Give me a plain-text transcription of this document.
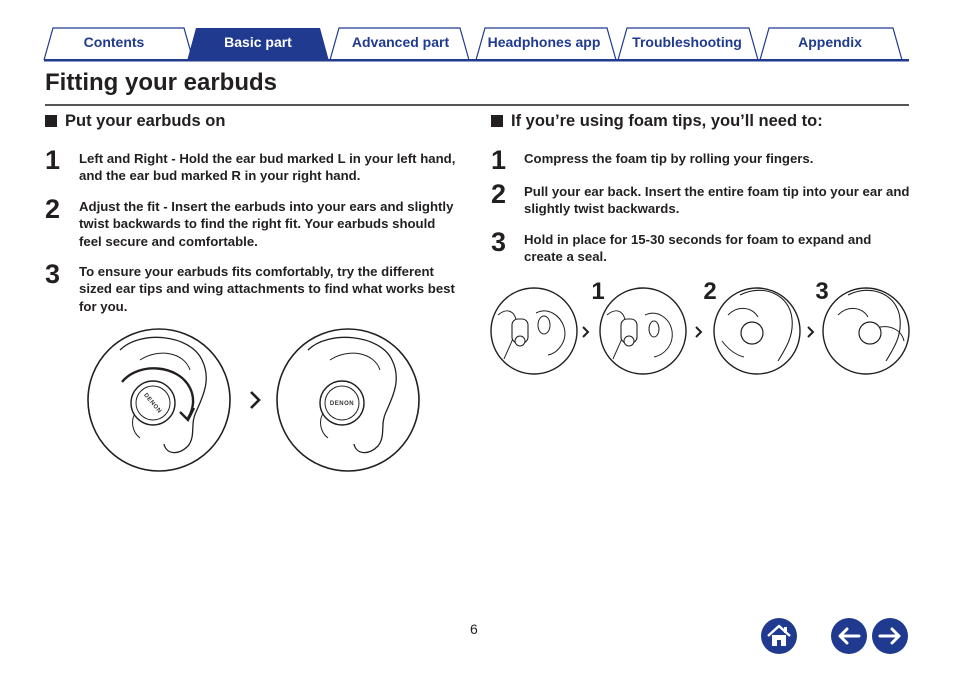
Contents	Basic part	Advanced part	Headphones app	Troubleshooting	Appendix
Fitting your earbuds
Put your earbuds on
1 Left and Right - Hold the ear bud marked L in your left hand, and the ear bud marked R in your right hand.
2 Adjust the fit - Insert the earbuds into your ears and slightly twist backwards to find the right fit. Your earbuds should feel secure and comfortable.
3 To ensure your earbuds fits comfortably, try the different sized ear tips and wing attachments to find what works best for you.
DENON	DENON
If you’re using foam tips, you’ll need to:
1 Compress the foam tip by rolling your fingers.
2 Pull your ear back. Insert the entire foam tip into your ear and slightly twist backwards.
3 Hold in place for 15-30 seconds for foam to expand and create a seal.
1	2	3
6
